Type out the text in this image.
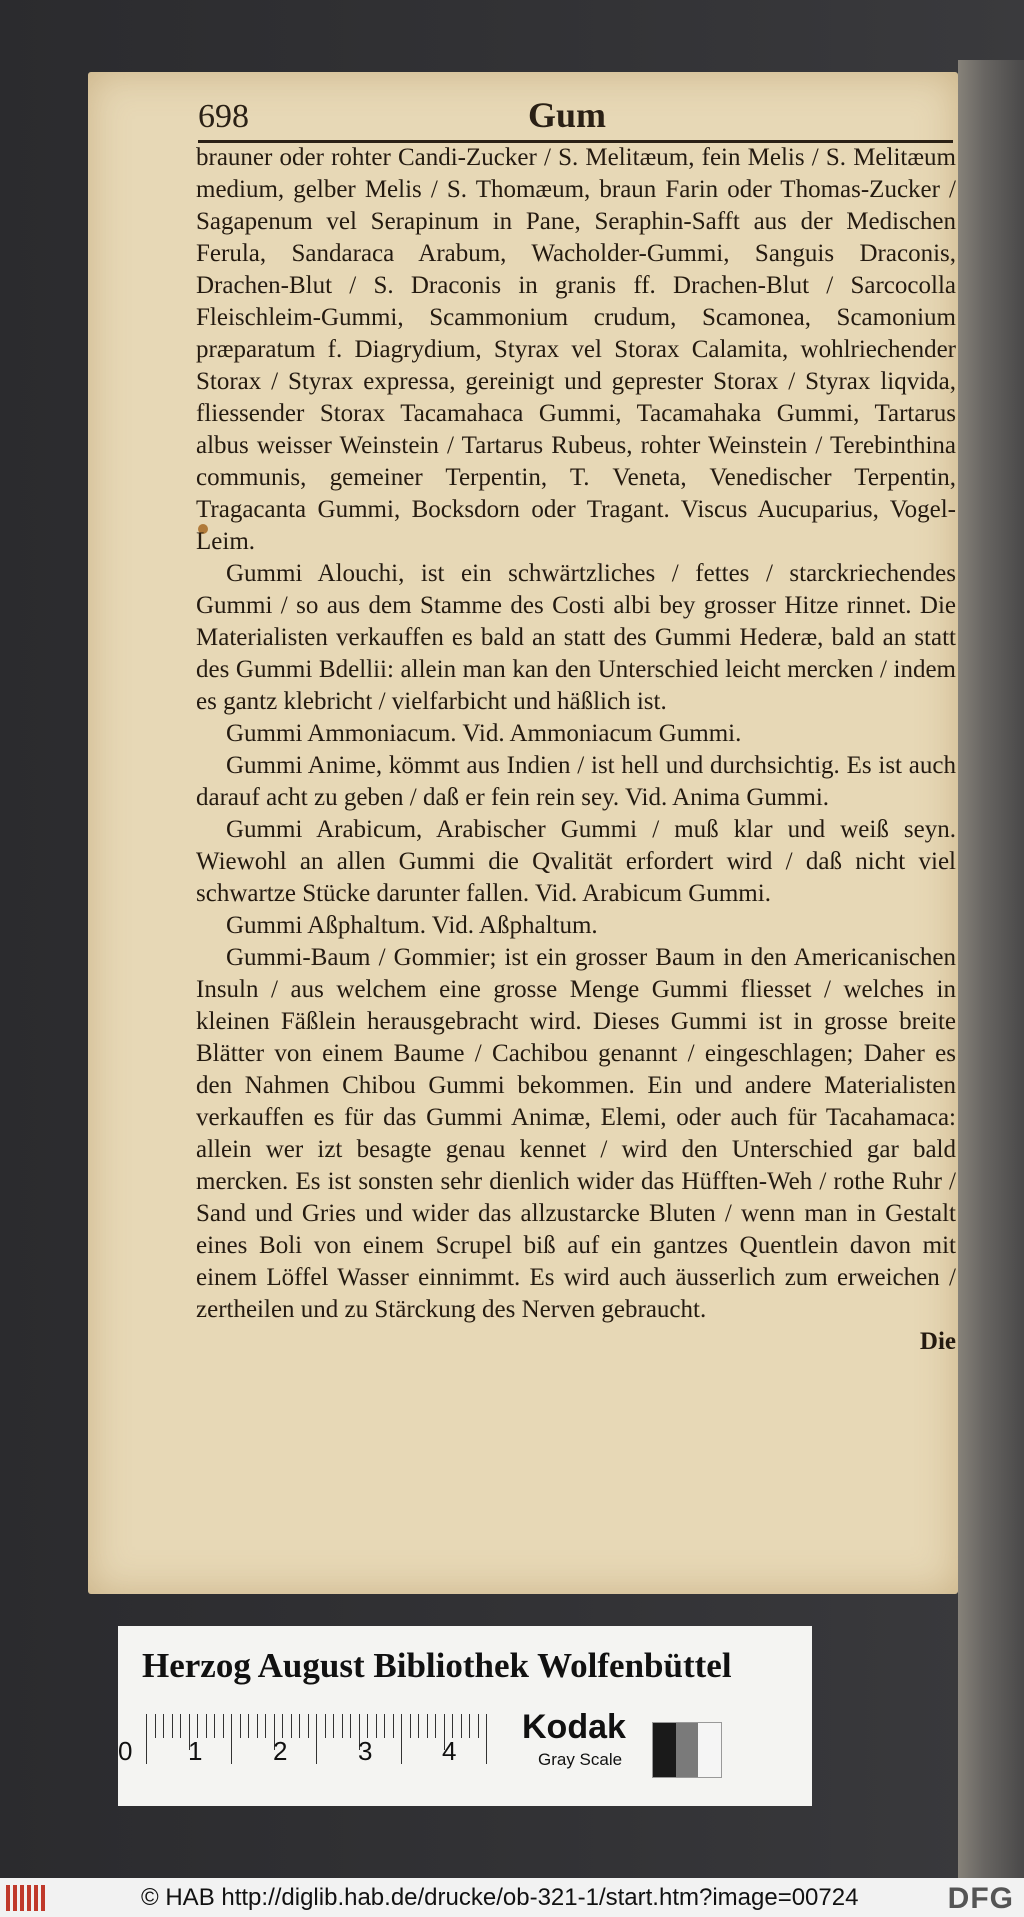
698	Gum

brauner oder rohter Candi-Zucker / S. Melitæum, fein Melis / S. Melitæum medium, gelber Melis / S. Thomæum, braun Farin oder Thomas-Zucker / Sagapenum vel Serapinum in Pane, Seraphin-Safft aus der Medischen Ferula, Sandaraca Arabum, Wacholder-Gummi, Sanguis Draconis, Drachen-Blut / S. Draconis in granis ff. Drachen-Blut / Sarcocolla Fleischleim-Gummi, Scammonium crudum, Scamonea, Scamonium præparatum f. Diagrydium, Styrax vel Storax Calamita, wohlriechender Storax / Styrax expressa, gereinigt und geprester Storax / Styrax liqvida, fliessender Storax Tacamahaca Gummi, Tacamahaka Gummi, Tartarus albus weisser Weinstein / Tartarus Rubeus, rohter Weinstein / Terebinthina communis, gemeiner Terpentin, T. Veneta, Venedischer Terpentin, Tragacanta Gummi, Bocksdorn oder Tragant. Viscus Aucuparius, Vogel-Leim.

Gummi Alouchi, ist ein schwärtzliches / fettes / starckriechendes Gummi / so aus dem Stamme des Costi albi bey grosser Hitze rinnet. Die Materialisten verkauffen es bald an statt des Gummi Hederæ, bald an statt des Gummi Bdellii: allein man kan den Unterschied leicht mercken / indem es gantz klebricht / vielfarbicht und häßlich ist.

Gummi Ammoniacum. Vid. Ammoniacum Gummi.

Gummi Anime, kömmt aus Indien / ist hell und durchsichtig. Es ist auch darauf acht zu geben / daß er fein rein sey. Vid. Anima Gummi.

Gummi Arabicum, Arabischer Gummi / muß klar und weiß seyn. Wiewohl an allen Gummi die Qvalität erfordert wird / daß nicht viel schwartze Stücke darunter fallen. Vid. Arabicum Gummi.

Gummi Aßphaltum. Vid. Aßphaltum.

Gummi-Baum / Gommier; ist ein grosser Baum in den Americanischen Insuln / aus welchem eine grosse Menge Gummi fliesset / welches in kleinen Fäßlein herausgebracht wird. Dieses Gummi ist in grosse breite Blätter von einem Baume / Cachibou genannt / eingeschlagen; Daher es den Nahmen Chibou Gummi bekommen. Ein und andere Materialisten verkauffen es für das Gummi Animæ, Elemi, oder auch für Tacahamaca: allein wer izt besagte genau kennet / wird den Unterschied gar bald mercken. Es ist sonsten sehr dienlich wider das Hüfften-Weh / rothe Ruhr / Sand und Gries und wider das allzustarcke Bluten / wenn man in Gestalt eines Boli von einem Scrupel biß auf ein gantzes Quentlein davon mit einem Löffel Wasser einnimmt. Es wird auch äusserlich zum erweichen / zertheilen und zu Stärckung des Nerven gebraucht.

Die
Herzog August Bibliothek Wolfenbüttel
0 1	2	3	4
Kodak
Gray Scale
© HAB http://diglib.hab.de/drucke/ob-321-1/start.htm?image=00724	DFG
